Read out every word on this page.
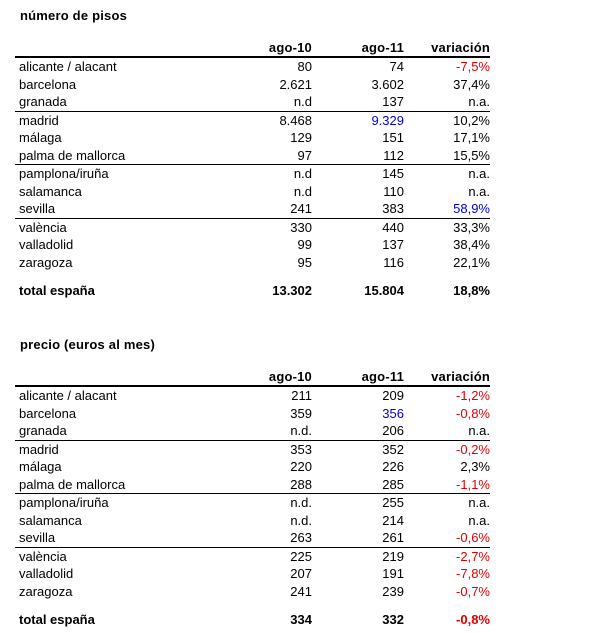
número de pisos
	ago-10	ago-11	variación
alicante / alacant	80	74	-7,5%
barcelona	2.621	3.602	37,4%
granada	n.d	137	n.a.
madrid	8.468	9.329	10,2%
málaga	129	151	17,1%
palma de mallorca	97	112	15,5%
pamplona/iruña	n.d	145	n.a.
salamanca	n.d	110	n.a.
sevilla	241	383	58,9%
valència	330	440	33,3%
valladolid	99	137	38,4%
zaragoza	95	116	22,1%

total españa	13.302	15.804	18,8%
precio (euros al mes)
	ago-10	ago-11	variación
alicante / alacant	211	209	-1,2%
barcelona	359	356	-0,8%
granada	n.d.	206	n.a.
madrid	353	352	-0,2%
málaga	220	226	2,3%
palma de mallorca	288	285	-1,1%
pamplona/iruña	n.d.	255	n.a.
salamanca	n.d.	214	n.a.
sevilla	263	261	-0,6%
valència	225	219	-2,7%
valladolid	207	191	-7,8%
zaragoza	241	239	-0,7%

total españa	334	332	-0,8%
